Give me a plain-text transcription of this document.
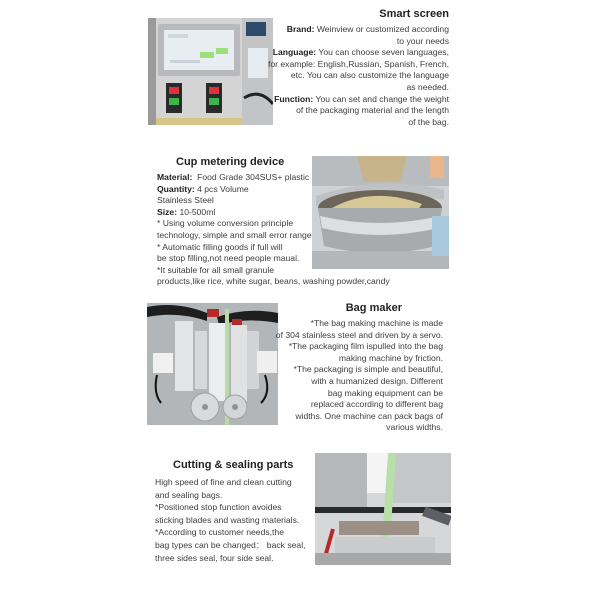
Smart screen
Brand: Weinview or customized according
to your needs
Language: You can choose seven languages,
for example: English,Russian, Spanish, French,
etc. You can also customize the language
as needed.
Function: You can set and change the weight
of the packaging material and the length
of the bag.
Cup metering device
Material: Food Grade 304SUS+ plastic
Quantity: 4 pcs Volume
Stainless Steel
Size: 10-500ml
* Using volume conversion principle
technology, simple and small error range
* Automatic filling goods if full will
be stop filling,not need people maual.
*It suitable for all small granule
products,like rice, white sugar, beans, washing powder,candy
Bag maker
*The bag making machine is made
of 304 stainless steel and driven by a servo.
*The packaging film ispulled into the bag
making machine by friction.
*The packaging is simple and beautiful,
with a humanized design. Different
bag making equipment can be
replaced according to different bag
widths. One machine can pack bags of
various widths.
Cutting & sealing parts
High speed of fine and clean cutting
and sealing bags.
*Positioned stop function avoides
sticking blades and wasting materials.
*According to customer needs,the
bag types can be changed： back seal,
three sides seal, four side seal.
